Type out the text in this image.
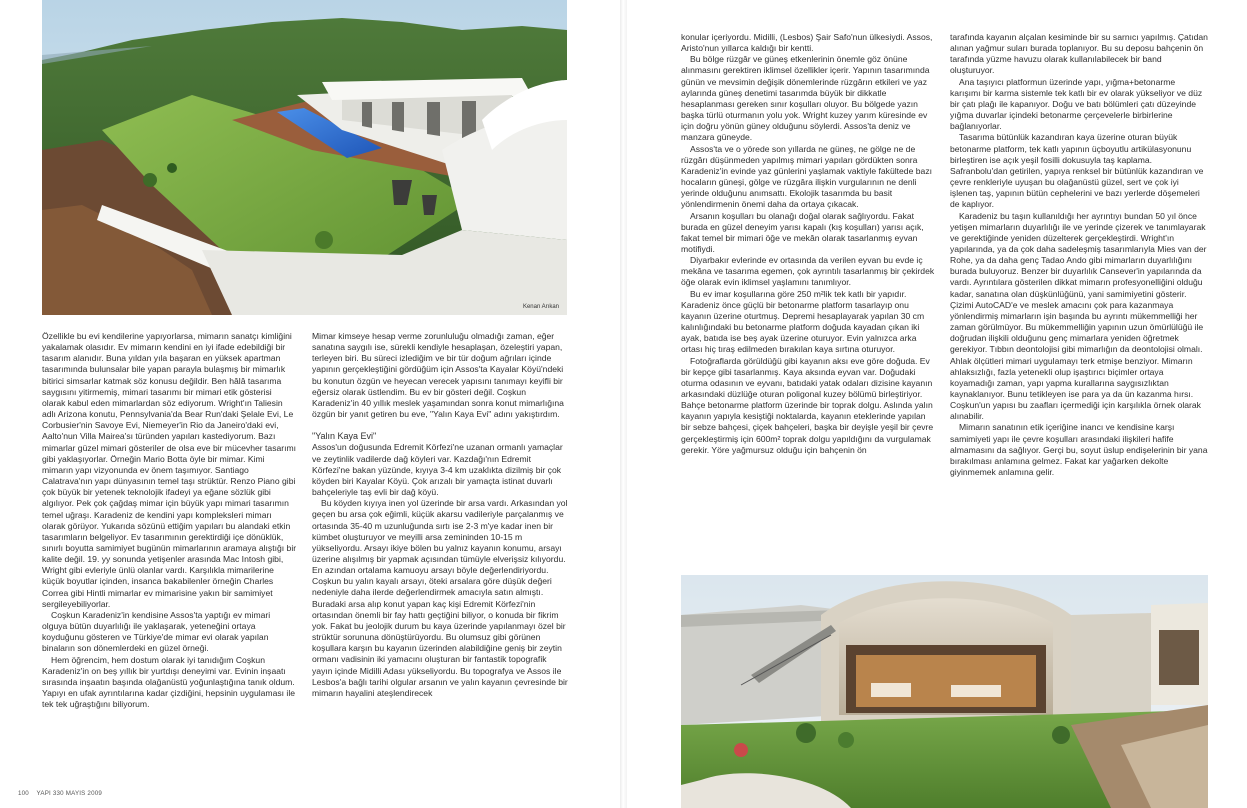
Kenan Arıkan

Özellikle bu evi kendilerine yapıyorlarsa, mimarın sanatçı kimliğini yakalamak olasıdır. Ev mimarın kendini en iyi ifade edebildiği bir tasarım alanıdır. Buna yıldan yıla başaran en yüksek apartman tasarımında bulunsalar bile yapan parayla bulaşmış bir mimarlık bitirici simsarlar katmak söz konusu değildir. Ben hâlâ tasarıma saygısını yitirmemiş, mimari tasarımı bir mimari etik gösterisi olarak kabul eden mimarlardan söz ediyorum. Wright'ın Taliesin adlı Arizona konutu, Pennsylvania'da Bear Run'daki Şelale Evi, Le Corbusier'nin Savoye Evi, Niemeyer'in Rio da Janeiro'daki evi, Aalto'nun Villa Mairea'sı türünden yapıları kastediyorum. Bazı mimarlar güzel mimari gösteriler de olsa eve bir mücevher tasarımı gibi yaklaşıyorlar. Örneğin Mario Botta öyle bir mimar. Kimi mimarın yapı vizyonunda ev önem taşımıyor. Santiago Calatrava'nın yapı dünyasının temel taşı strüktür. Renzo Piano gibi çok büyük bir yetenek teknolojik ifadeyi ya eğane sözlük gibi algılıyor. Pek çok çağdaş mimar için büyük yapı mimari tasarımın temel uğraşı. Karadeniz de kendini yapı kompleksleri mimarı olarak görüyor. Yukarıda sözünü ettiğim yapıları bu alandaki etkin tasarımların belgeliyor. Ev tasarımının gerektirdiği içe dönüklük, sınırlı boyutta samimiyet bugünün mimarlarının aramaya alıştığı bir kalite değil. 19. yy sonunda yetişenler arasında Mac Intosh gibi, Wright gibi evleriyle ünlü olanlar vardı. Karşılıkla mimarilerine küçük boyutlar içinden, insanca bakabilenler örneğin Charles Correa gibi Hintli mimarlar ev mimarisine yakın bir samimiyet sergileyebiliyorlar.

Coşkun Karadeniz'in kendisine Assos'ta yaptığı ev mimari olguya bütün duyarlılığı ile yaklaşarak, yeteneğini ortaya koyduğunu gösteren ve Türkiye'de mimar evi olarak yapılan binaların son dönemlerdeki en güzel örneği.

Hem öğrencim, hem dostum olarak iyi tanıdığım Coşkun Karadeniz'in on beş yıllık bir yurtdışı deneyimi var. Evinin inşaatı sırasında inşaatın başında olağanüstü yoğunlaştığına tanık oldum. Yapıyı en ufak ayrıntılarına kadar çizdiğini, hepsinin uygulaması ile tek tek uğraştığını biliyorum.

Mimar kimseye hesap verme zorunluluğu olmadığı zaman, eğer sanatına saygılı ise, sürekli kendiyle hesaplaşan, özeleştiri yapan, terleyen biri. Bu süreci izlediğim ve bir tür doğum ağrıları içinde yapının gerçekleştiğini gördüğüm için Assos'ta Kayalar Köyü'ndeki bu konutun özgün ve heyecan verecek yapısını tanımayı keyifli bir eğersiz olarak üstlendim. Bu ev bir gösteri değil. Coşkun Karadeniz'in 40 yıllık meslek yaşamından sonra konut mimarlığına özgün bir yanıt getiren bu eve, "Yalın Kaya Evi" adını yakıştırdım.

"Yalın Kaya Evi"

Assos'un doğusunda Edremit Körfezi'ne uzanan ormanlı yamaçlar ve zeytinlik vadilerde dağ köyleri var. Kazdağı'nın Edremit Körfezi'ne bakan yüzünde, kıyıya 3-4 km uzaklıkta dizilmiş bir çok köyden biri Kayalar Köyü. Çok arızalı bir yamaçta istinat duvarlı bahçeleriyle taş evli bir dağ köyü.

Bu köyden kıyıya inen yol üzerinde bir arsa vardı. Arkasından yol geçen bu arsa çok eğimli, küçük akarsu vadileriyle parçalanmış ve ortasında 35-40 m uzunluğunda sırtı ise 2-3 m'ye kadar inen bir kümbet oluşturuyor ve meyilli arsa zemininden 10-15 m yükseliyordu. Arsayı ikiye bölen bu yalnız kayanın konumu, arsayı üzerine alışılmış bir yapmak açısından tümüyle elverişsiz kılıyordu. En azından ortalama kamuoyu arsayı böyle değerlendiriyordu. Coşkun bu yalın kayalı arsayı, öteki arsalara göre düşük değeri nedeniyle daha ilerde değerlendirmek amacıyla satın almıştı. Buradaki arsa alıp konut yapan kaç kişi Edremit Körfezi'nin ortasından önemli bir fay hattı geçtiğini biliyor, o konuda bir fikrim yok. Fakat bu jeolojik durum bu kaya üzerinde yapılanmayı özel bir strüktür sorununa dönüştürüyordu. Bu olumsuz gibi görünen koşullara karşın bu kayanın üzerinden alabildiğine geniş bir zeytin ormanı vadisinin iki yamacını oluşturan bir fantastik topografik yayın içinde Midilli Adası yükseliyordu. Bu topografya ve Assos ile Lesbos'a bağlı tarihi olgular arsanın ve yalın kayanın çevresinde bir mimarın hayalini ateşlendirecek

100 YAPI 330 MAYIS 2009

konular içeriyordu. Midilli, (Lesbos) Şair Safo'nun ülkesiydi. Assos, Aristo'nun yıllarca kaldığı bir kentti.

Bu bölge rüzgâr ve güneş etkenlerinin önemle göz önüne alınmasını gerektiren iklimsel özellikler içerir. Yapının tasarımında günün ve mevsimin değişik dönemlerinde rüzgârın etkileri ve yaz aylarında güneş denetimi tasarımda büyük bir dikkatle hesaplanması gereken sınır koşulları oluyor. Bu bölgede yazın başka türlü oturmanın yolu yok. Wright kuzey yarım küresinde ev için doğru yönün güney olduğunu söylerdi. Assos'ta deniz ve manzara güneyde.

Assos'ta ve o yörede son yıllarda ne güneş, ne gölge ne de rüzgârı düşünmeden yapılmış mimari yapıları gördükten sonra Karadeniz'in evinde yaz günlerini yaşlamak vaktiyle fakültede bazı hocaların güneşi, gölge ve rüzgâra ilişkin vurgularının ne denli yerinde olduğunu anımsattı. Ekolojik tasarımda bu basit yönlendirmenin önemi daha da ortaya çıkacak.

Arsanın koşulları bu olanağı doğal olarak sağlıyordu. Fakat burada en güzel deneyim yarısı kapalı (kış koşulları) yarısı açık, fakat temel bir mimari öğe ve mekân olarak tasarlanmış eyvan motifiydi.

Diyarbakır evlerinde ev ortasında da verilen eyvan bu evde iç mekâna ve tasarıma egemen, çok ayrıntılı tasarlanmış bir çekirdek öğe olarak evin iklimsel yaşlamını tanımlıyor.

Bu ev imar koşullarına göre 250 m²lik tek katlı bir yapıdır. Karadeniz önce güçlü bir betonarme platform tasarlayıp onu kayanın üzerine oturtmuş. Depremi hesaplayarak yapılan 30 cm kalınlığındaki bu betonarme platform doğuda kayadan çıkan iki ayak, batıda ise beş ayak üzerine oturuyor. Evin yalnızca arka ortası hiç tıraş edilmeden bırakılan kaya sırtına oturuyor.

Fotoğraflarda görüldüğü gibi kayanın aksı eve göre doğuda. Ev bir kepçe gibi tasarlanmış. Kaya aksında eyvan var. Doğudaki oturma odasının ve eyvanı, batıdaki yatak odaları dizisine kayanın arkasındaki düzlüğe oturan poligonal kuzey bölümü birleştiriyor. Bahçe betonarme platform üzerinde bir toprak dolgu. Aslında yalın kayanın yapıyla kesiştiği noktalarda, kayanın eteklerinde yapılan bir sebze bahçesi, çiçek bahçeleri, başka bir deyişle yeşil bir çevre gerçekleştirmiş için 600m² toprak dolgu yapıldığını da vurgulamak gerekir. Yöre yağmursuz olduğu için bahçenin ön

tarafında kayanın alçalan kesiminde bir su sarnıcı yapılmış. Çatıdan alınan yağmur suları burada toplanıyor. Bu su deposu bahçenin ön tarafında yüzme havuzu olarak kullanılabilecek bir band oluşturuyor.

Ana taşıyıcı platformun üzerinde yapı, yığma+betonarme karışımı bir karma sistemle tek katlı bir ev olarak yükseliyor ve düz bir çatı plağı ile kapanıyor. Doğu ve batı bölümleri çatı düzeyinde yığma duvarlar içindeki betonarme çerçevelerle birbirlerine bağlanıyorlar.

Tasarıma bütünlük kazandıran kaya üzerine oturan büyük betonarme platform, tek katlı yapının üçboyutlu artikülasyonunu birleştiren ise açık yeşil fosilli dokusuyla taş kaplama. Safranbolu'dan getirilen, yapıya renksel bir bütünlük kazandıran ve çevre renkleriyle uyuşan bu olağanüstü güzel, sert ve çok iyi işlenen taş, yapının bütün cephelerini ve bazı yerlerde döşemeleri de kaplıyor.

Karadeniz bu taşın kullanıldığı her ayrıntıyı bundan 50 yıl önce yetişen mimarların duyarlılığı ile ve yerinde çizerek ve tanımlayarak ve gerektiğinde yeniden düzelterek gerçekleştirdi. Wright'ın yapılarında, ya da çok daha sadeleşmiş tasarımlarıyla Mies van der Rohe, ya da daha genç Tadao Ando gibi mimarların duyarlılığını burada buluyoruz. Benzer bir duyarlılık Cansever'in yapılarında da vardı. Ayrıntılara gösterilen dikkat mimarın profesyonelliğini olduğu kadar, sanatına olan düşkünlüğünü, yani samimiyetini gösterir. Çizimi AutoCAD'e ve meslek amacını çok para kazanmaya yönlendirmiş mimarların işin başında bu ayrıntı mükemmelliği her zaman görülmüyor. Bu mükemmelliğin yapının uzun ömürlülüğü ile doğrudan ilişkili olduğunu genç mimarlara yeniden öğretmek gerekiyor. Tıbbın deontolojisi gibi mimarlığın da deontolojisi olmalı. Ahlak ölçütleri mimari uygulamayı terk etmişe benziyor. Mimarın ahlaksızlığı, fazla yetenekli olup işaştırıcı biçimler ortaya koyamadığı zaman, yapı yapma kurallarına saygısızlıktan kaynaklanıyor. Bunu tetikleyen ise para ya da ün kazanma hırsı. Coşkun'un yapısı bu zaafları içermediği için karşılıkla örnek olarak alınabilir.

Mimarın sanatının etik içeriğine inancı ve kendisine karşı samimiyeti yapı ile çevre koşulları arasındaki ilişkileri hafife almamasını da sağlıyor. Gerçi bu, soyut üslup endişelerinin bir yana bırakılması anlamına gelmez. Fakat kar yağarken dekolte giyinmemek anlamına gelir.
